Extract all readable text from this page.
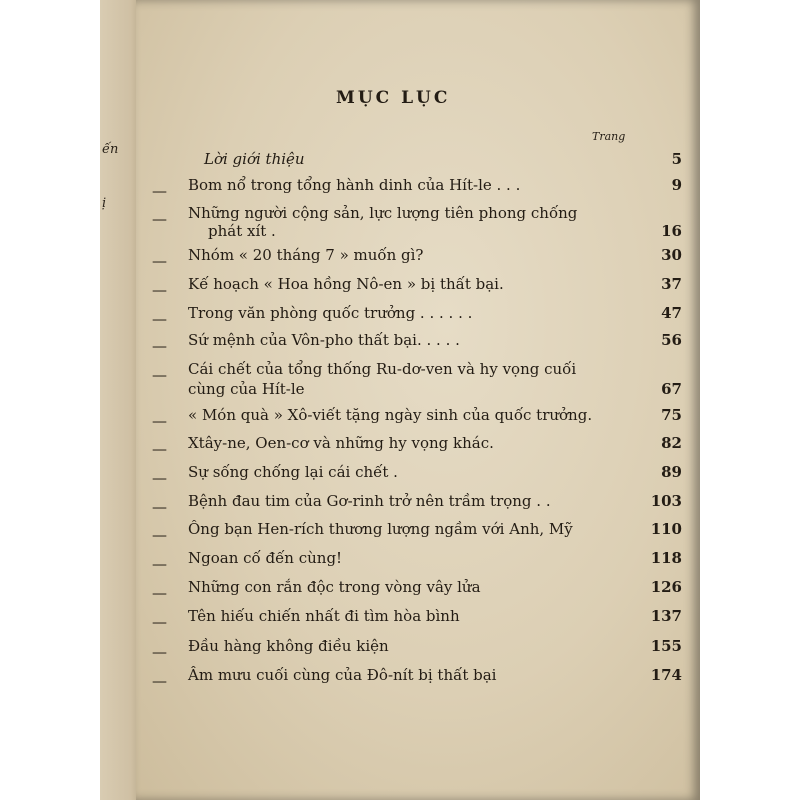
ến
ị
MỤC LỤC
Trang
Lời giới thiệu	5
— Bom nổ trong tổng hành dinh của Hít-le . . .	9
— Những người cộng sản, lực lượng tiên phong chống
phát xít .	16
— Nhóm « 20 tháng 7 » muốn gì?	30
— Kế hoạch « Hoa hồng Nô-en » bị thất bại.	37
— Trong văn phòng quốc trưởng . . . . . .	47
— Sứ mệnh của Vôn-pho thất bại. . . . .	56
— Cái chết của tổng thống Ru-dơ-ven và hy vọng cuối
cùng của Hít-le	67
— « Món quà » Xô-viết tặng ngày sinh của quốc trưởng.	75
— Xtây-ne, Oen-cơ và những hy vọng khác.	82
— Sự sống chống lại cái chết .	89
— Bệnh đau tim của Gơ-rinh trở nên trầm trọng . .	103
— Ông bạn Hen-rích thương lượng ngầm với Anh, Mỹ	110
— Ngoan cố đến cùng!	118
— Những con rắn độc trong vòng vây lửa	126
— Tên hiếu chiến nhất đi tìm hòa bình	137
— Đầu hàng không điều kiện	155
— Âm mưu cuối cùng của Đô-nít bị thất bại	174
